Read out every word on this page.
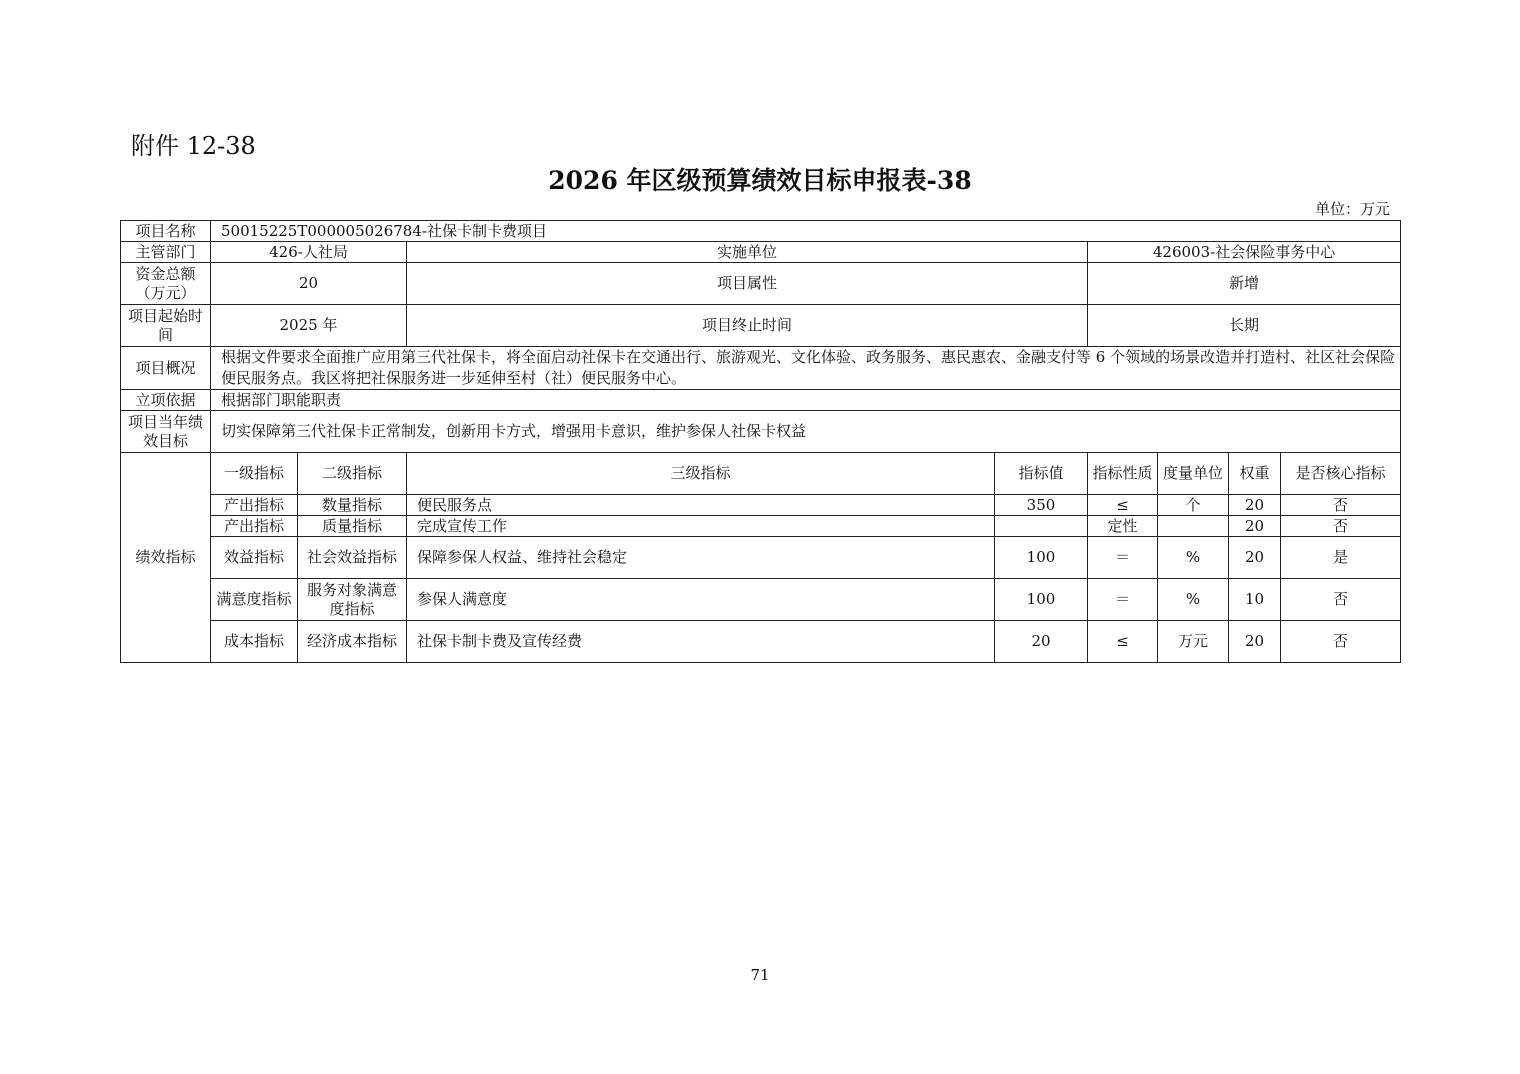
附件 12-38
2026 年区级预算绩效目标申报表-38
单位：万元
项目名称	50015225T000005026784-社保卡制卡费项目							
主管部门	426-人社局		实施单位		426003-社会保险事务中心			
资金总额（万元）	20		项目属性		新增			
项目起始时间	2025 年		项目终止时间		长期			
项目概况	根据文件要求全面推广应用第三代社保卡，将全面启动社保卡在交通出行、旅游观光、文化体验、政务服务、惠民惠农、金融支付等 6 个领域的场景改造并打造村、社区社会保险便民服务点。我区将把社保服务进一步延伸至村（社）便民服务中心。							
立项依据	根据部门职能职责							
项目当年绩效目标	切实保障第三代社保卡正常制发，创新用卡方式，增强用卡意识，维护参保人社保卡权益							
绩效指标	一级指标	二级指标	三级指标	指标值	指标性质	度量单位	权重	是否核心指标
	产出指标	数量指标	便民服务点	350	≤	个	20	否
	产出指标	质量指标	完成宣传工作		定性		20	否
	效益指标	社会效益指标	保障参保人权益、维持社会稳定	100	＝	%	20	是
	满意度指标	服务对象满意度指标	参保人满意度	100	＝	%	10	否
	成本指标	经济成本指标	社保卡制卡费及宣传经费	20	≤	万元	20	否
71
